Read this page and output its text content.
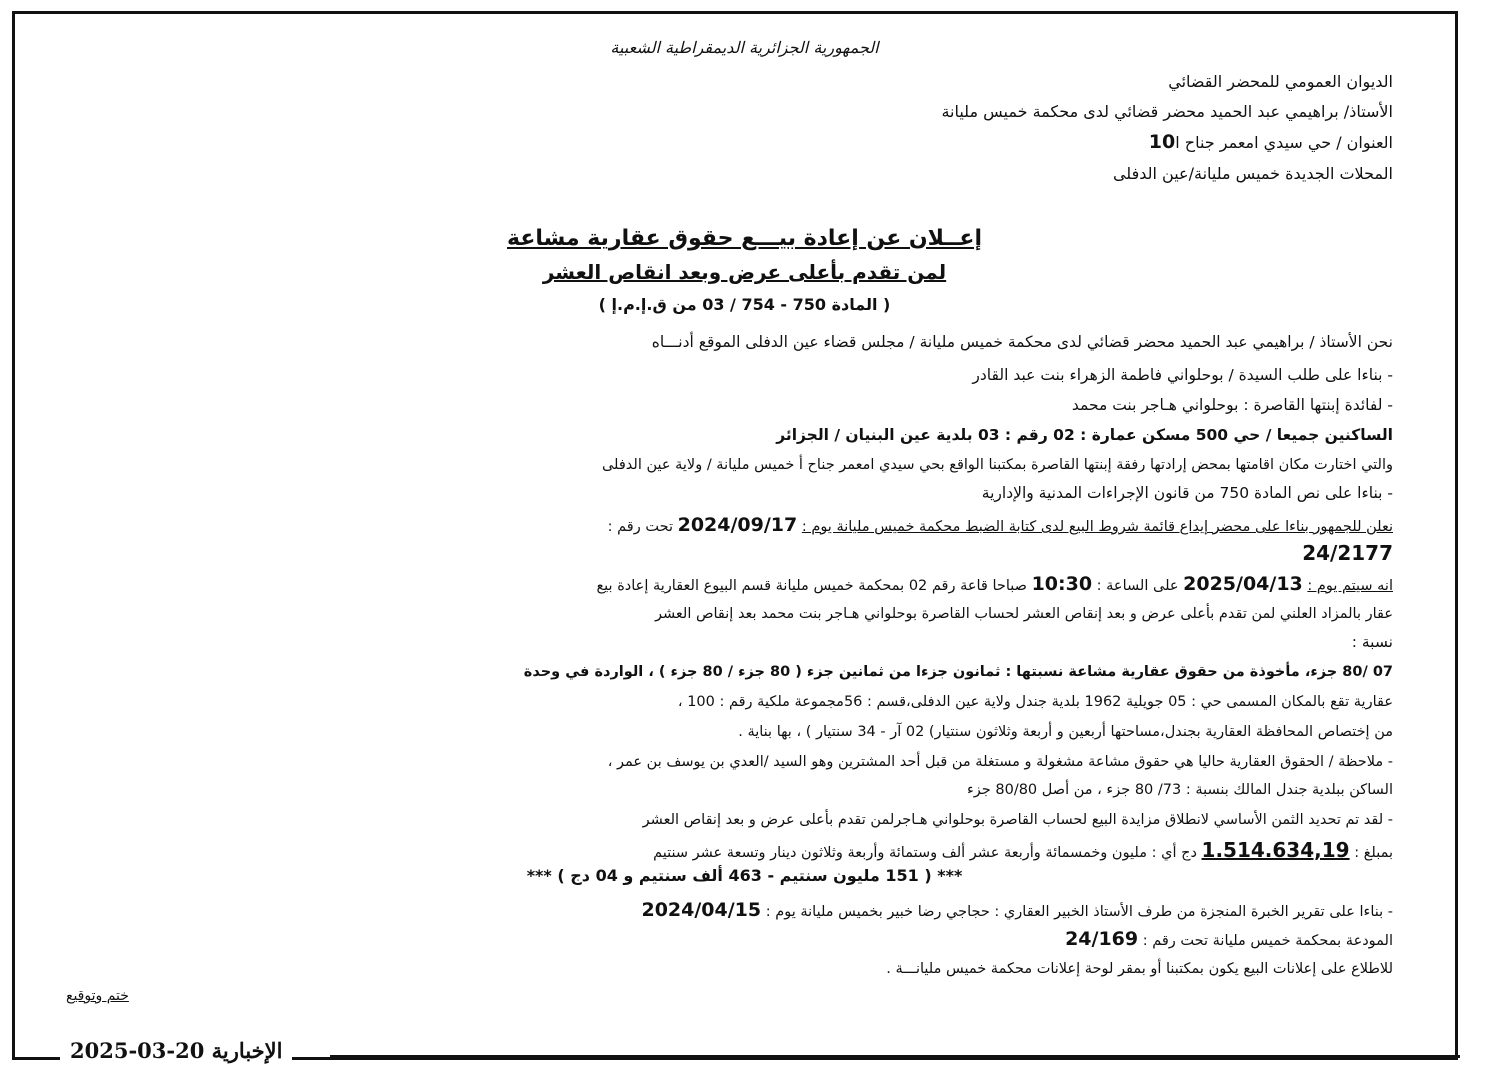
الجمهورية الجزائرية الديمقراطية الشعبية
الديوان العمومي للمحضر القضائي
الأستاذ/ براهيمي عبد الحميد محضر قضائي لدى محكمة خميس مليانة
العنوان / حي سيدي امعمر جناح ا10
المحلات الجديدة خميس مليانة/عين الدفلى
إعــلان عن إعادة بيـــع حقوق عقارية مشاعة
لمن تقدم بأعلى عرض وبعد انقاص العشر
( المادة 750 - 754 / 03 من ق.إ.م.إ )
نحن الأستاذ / براهيمي عبد الحميد محضر قضائي لدى محكمة خميس مليانة / مجلس قضاء عين الدفلى الموقع أدنـــاه
- بناءا على طلب السيدة / بوحلواني فاطمة الزهراء بنت عبد القادر
- لفائدة إبنتها القاصرة : بوحلواني هـاجر بنت محمد
الساكنين جميعا / حي 500 مسكن عمارة : 02 رقم : 03 بلدية عين البنيان / الجزائر
والتي اختارت مكان اقامتها بمحض إرادتها رفقة إبنتها القاصرة بمكتبنا الواقع بحي سيدي امعمر جناح أ خميس مليانة / ولاية عين الدفلى
- بناءا على نص المادة 750 من قانون الإجراءات المدنية والإدارية
نعلن للجمهور بناءا على محضر إيداع قائمة شروط البيع لدى كتابة الضبط محكمة خميس مليانة يوم : 2024/09/17 تحت رقم :
24/2177
انه سيتم يوم : 2025/04/13 على الساعة : 10:30 صباحا قاعة رقم 02 بمحكمة خميس مليانة قسم البيوع العقارية إعادة بيع
عقار بالمزاد العلني لمن تقدم بأعلى عرض و بعد إنقاص العشر لحساب القاصرة بوحلواني هـاجر بنت محمد بعد إنقاص العشر
نسبة :
07 /80 جزء، مأخوذة من حقوق عقارية مشاعة نسبتها : ثمانون جزءا من ثمانين جزء ( 80 جزء / 80 جزء ) ، الواردة في وحدة
عقارية تقع بالمكان المسمى حي : 05 جويلية 1962 بلدية جندل ولاية عين الدفلى،قسم : 56مجموعة ملكية رقم : 100 ،
من إختصاص المحافظة العقارية بجندل،مساحتها أربعين و أربعة وثلاثون سنتيار) 02 آر - 34 سنتيار ) ، بها بناية .
- ملاحظة / الحقوق العقارية حاليا هي حقوق مشاعة مشغولة و مستغلة من قبل أحد المشترين وهو السيد /العدي بن يوسف بن عمر ،
الساكن ببلدية جندل المالك بنسبة : 73/ 80 جزء ، من أصل 80/80 جزء
- لقد تم تحديد الثمن الأساسي لانطلاق مزايدة البيع لحساب القاصرة بوحلواني هـاجرلمن تقدم بأعلى عرض و بعد إنقاص العشر
بمبلغ : 1.514.634,19 دج أي : مليون وخمسمائة وأربعة عشر ألف وستمائة وأربعة وثلاثون دينار وتسعة عشر سنتيم
*** ( 151 مليون سنتيم - 463 ألف سنتيم و 04 دج ) ***
- بناءا على تقرير الخبرة المنجزة من طرف الأستاذ الخبير العقاري : حجاجي رضا خبير بخميس مليانة يوم : 2024/04/15
المودعة بمحكمة خميس مليانة تحت رقم : 24/169
للاطلاع على إعلانات البيع يكون بمكتبنا أو بمقر لوحة إعلانات محكمة خميس مليانـــة .
ختم وتوقيع
الإخبارية 20-03-2025
